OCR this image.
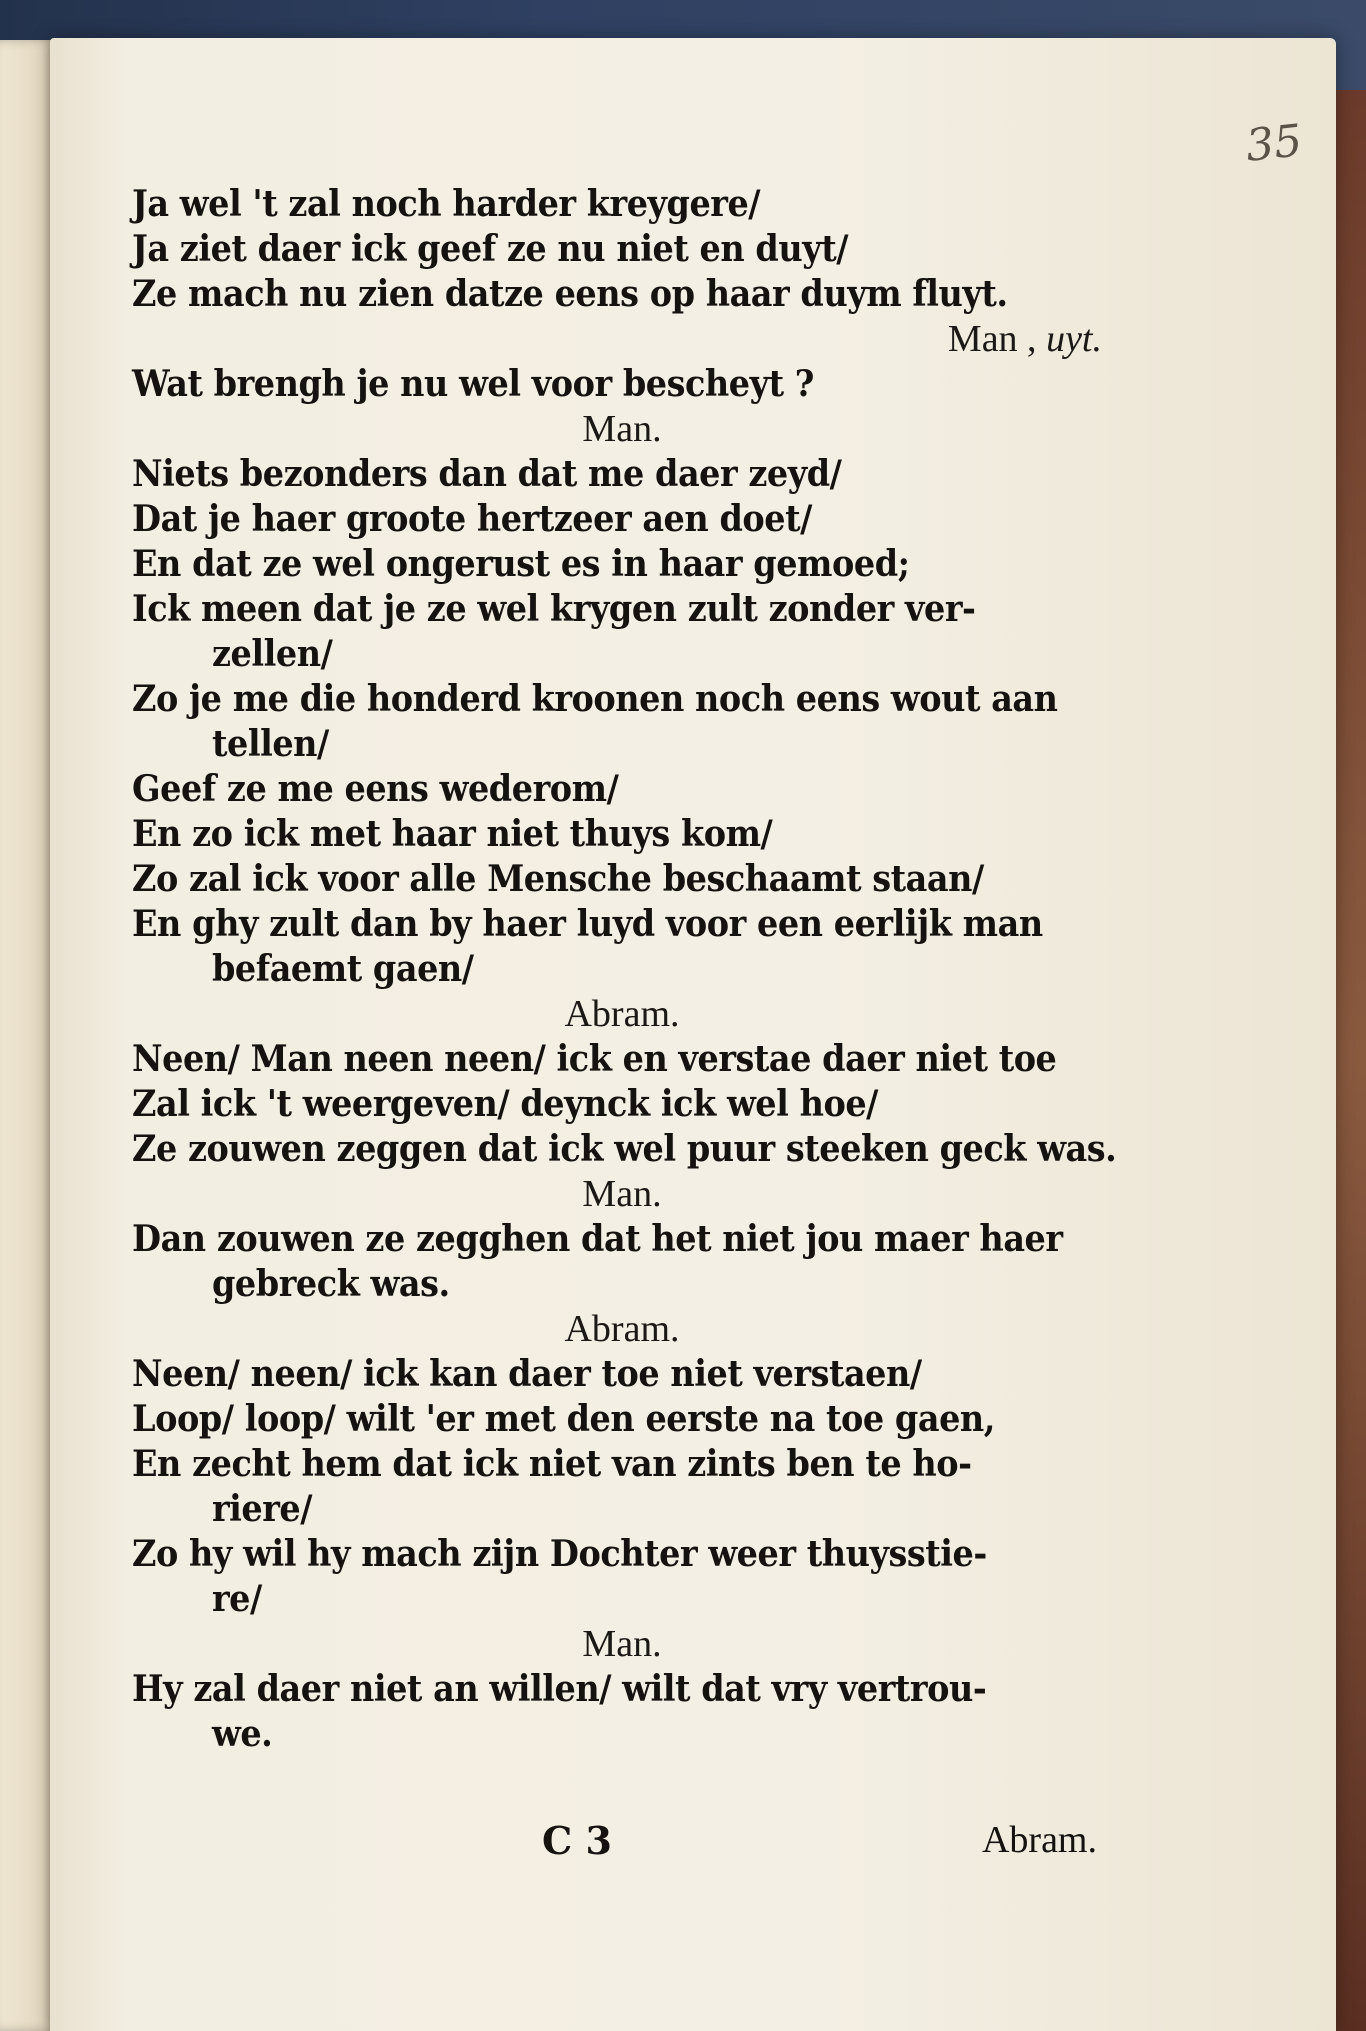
35
Ja wel 't zal noch harder kreygere/
Ja ziet daer ick geef ze nu niet en duyt/
Ze mach nu zien datze eens op haar duym fluyt.
Man , uyt.
Wat brengh je nu wel voor bescheyt ?
Man.
Niets bezonders dan dat me daer zeyd/
Dat je haer groote hertzeer aen doet/
En dat ze wel ongerust es in haar gemoed;
Ick meen dat je ze wel krygen zult zonder ver-
zellen/
Zo je me die honderd kroonen noch eens wout aan
tellen/
Geef ze me eens wederom/
En zo ick met haar niet thuys kom/
Zo zal ick voor alle Mensche beschaamt staan/
En ghy zult dan by haer luyd voor een eerlijk man
befaemt gaen/
Abram.
Neen/ Man neen neen/ ick en verstae daer niet toe
Zal ick 't weergeven/ deynck ick wel hoe/
Ze zouwen zeggen dat ick wel puur steeken geck was.
Man.
Dan zouwen ze zegghen dat het niet jou maer haer
gebreck was.
Abram.
Neen/ neen/ ick kan daer toe niet verstaen/
Loop/ loop/ wilt 'er met den eerste na toe gaen,
En zecht hem dat ick niet van zints ben te ho-
riere/
Zo hy wil hy mach zijn Dochter weer thuysstie-
re/
Man.
Hy zal daer niet an willen/ wilt dat vry vertrou-
we.
C 3	Abram.
